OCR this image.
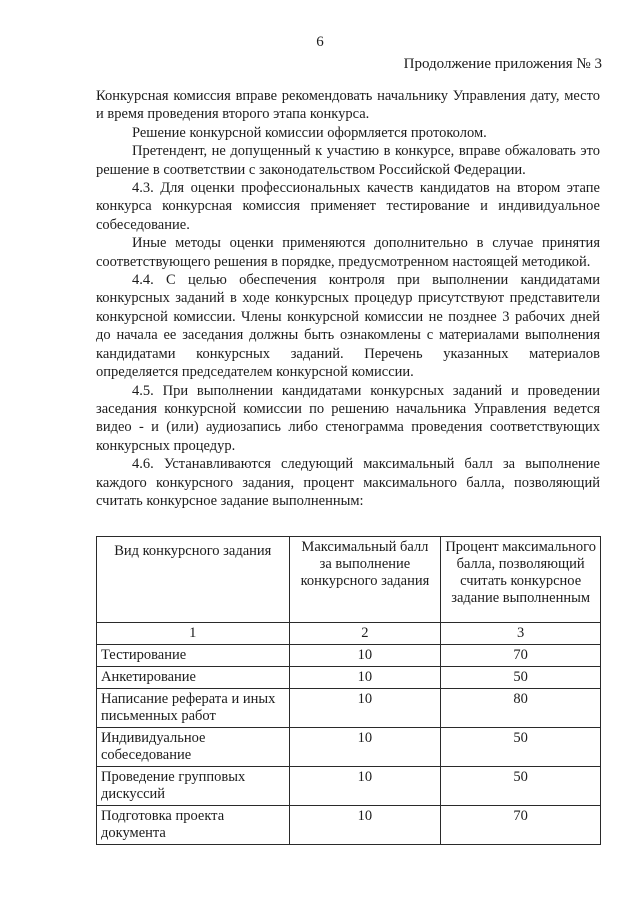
6
Продолжение приложения № 3

Конкурсная комиссия вправе рекомендовать начальнику Управления дату, место и время проведения второго этапа конкурса.

Решение конкурсной комиссии оформляется протоколом.

Претендент, не допущенный к участию в конкурсе, вправе обжаловать это решение в соответствии с законодательством Российской Федерации.

4.3. Для оценки профессиональных качеств кандидатов на втором этапе конкурса конкурсная комиссия применяет тестирование и индивидуальное собеседование.

Иные методы оценки применяются дополнительно в случае принятия соответствующего решения в порядке, предусмотренном настоящей методикой.

4.4. С целью обеспечения контроля при выполнении кандидатами конкурсных заданий в ходе конкурсных процедур присутствуют представители конкурсной комиссии. Члены конкурсной комиссии не позднее 3 рабочих дней до начала ее заседания должны быть ознакомлены с материалами выполнения кандидатами конкурсных заданий. Перечень указанных материалов определяется председателем конкурсной комиссии.

4.5. При выполнении кандидатами конкурсных заданий и проведении заседания конкурсной комиссии по решению начальника Управления ведется видео - и (или) аудиозапись либо стенограмма проведения соответствующих конкурсных процедур.

4.6. Устанавливаются следующий максимальный балл за выполнение каждого конкурсного задания, процент максимального балла, позволяющий считать конкурсное задание выполненным:

Вид конкурсного задания	Максимальный балл за выполнение конкурсного задания	Процент максимального балла, позволяющий считать конкурсное задание выполненным
1	2	3
Тестирование	10	70
Анкетирование	10	50
Написание реферата и иных письменных работ	10	80
Индивидуальное собеседование	10	50
Проведение групповых дискуссий	10	50
Подготовка проекта документа	10	70
